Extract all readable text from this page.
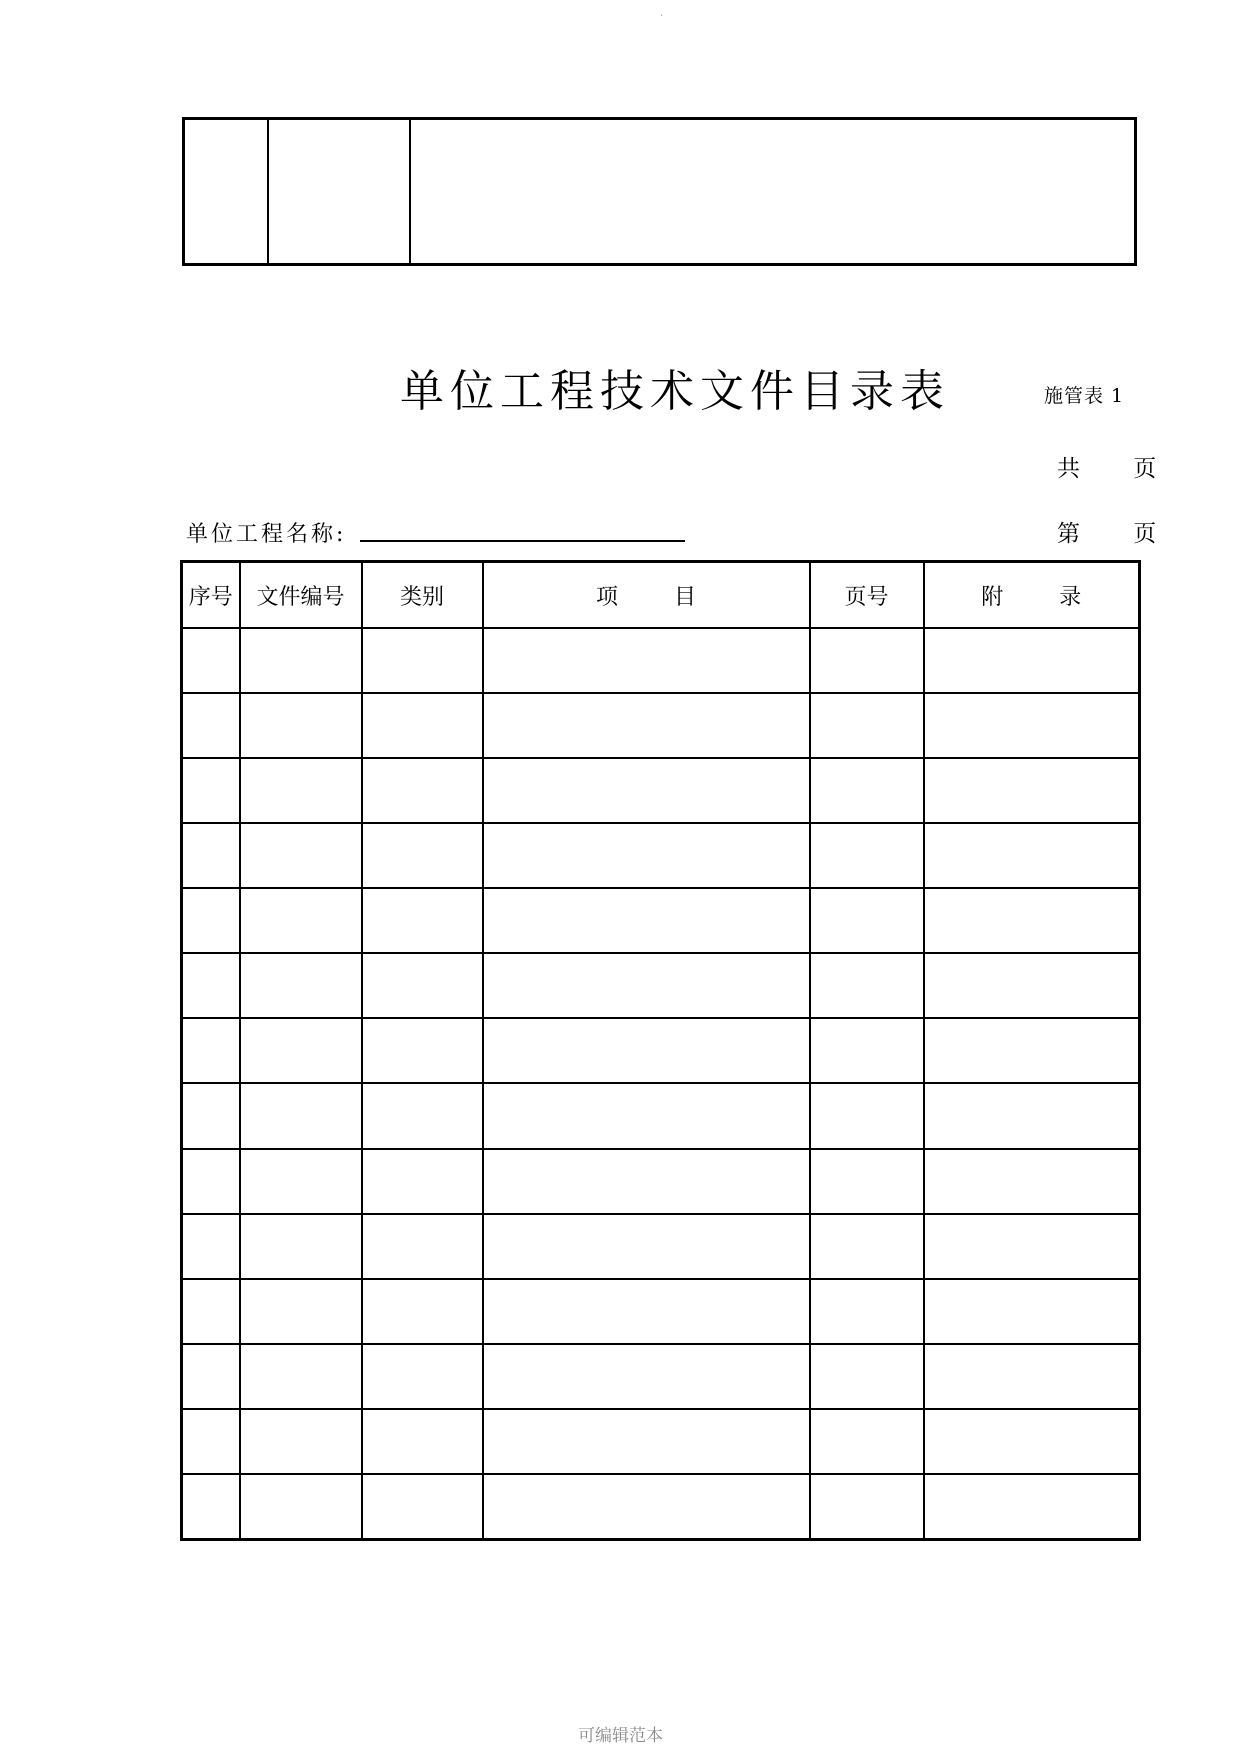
.
单位工程技术文件目录表	施管表 1
共    页
第    页
单位工程名称:
序号	文件编号	类别	项        目	页号	附        录

可编辑范本
